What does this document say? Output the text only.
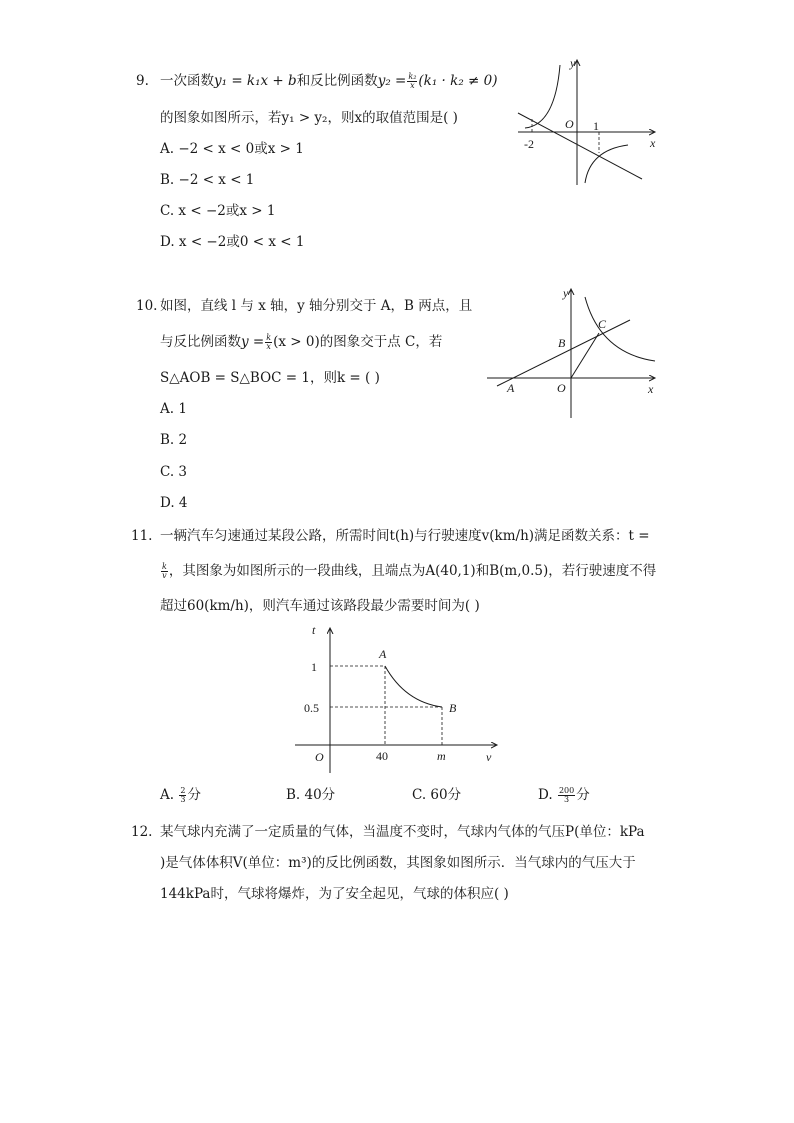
9. 一次函数y₁ = k₁x + b和反比例函数$y_2 = \frac{\text{k₂}}{x} (k_1 \cdot k_2 \ne 0)$
的图象如图所示，若y₁ > y₂，则x的取值范围是( )
A. −2 < x < 0或x > 1
B. −2 < x < 1
C. x < −2或x > 1
D. x < −2或0 < x < 1
y
x
O
-2
1
10. 如图，直线 l 与 x 轴，y 轴分别交于 A，B 两点，且
与反比例函数$y = \frac{k}{x} (x > 0)$的图象交于点 C，若
S△AOB = S△BOC = 1，则k = ( )
A. 1
B. 2
C. 3
D. 4
y
x
O
A
B
C
11. 一辆汽车匀速通过某段公路，所需时间t(h)与行驶速度v(km/h)满足函数关系：t =
$\frac{k}{v}$ ，其图象为如图所示的一段曲线，且端点为A(40,1)和B(m,0.5)，若行驶速度不得
超过60(km/h)，则汽车通过该路段最少需要时间为( )
t
v
O
1
0.5
40	m
A
B
A. $\frac{2}{3}$ 分	B. 40分	C. 60分	D. $\frac{200}{3}$ 分
12. 某气球内充满了一定质量的气体，当温度不变时，气球内气体的气压P(单位：kPa
)是气体体积V(单位：m³)的反比例函数，其图象如图所示．当气球内的气压大于
144kPa时，气球将爆炸，为了安全起见，气球的体积应( )
